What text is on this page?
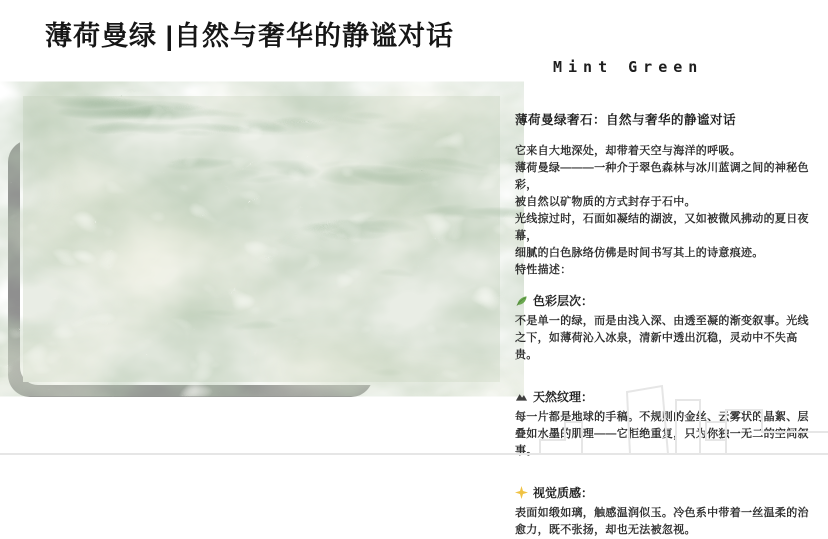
薄荷曼绿 |自然与奢华的静谧对话
Mint Green
薄荷曼绿奢石：自然与奢华的静谧对话
它来自大地深处，却带着天空与海洋的呼吸。
薄荷曼绿———一种介于翠色森林与冰川蓝调之间的神秘色彩，
被自然以矿物质的方式封存于石中。
光线掠过时，石面如凝结的湖波，又如被微风拂动的夏日夜幕，
细腻的白色脉络仿佛是时间书写其上的诗意痕迹。
特性描述：
色彩层次：
不是单一的绿，而是由浅入深、由透至凝的渐变叙事。光线之下，如薄荷沁入冰泉，清新中透出沉稳，灵动中不失高贵。
天然纹理：
每一片都是地球的手稿。不规则的金丝、云雾状的晶絮、层叠如水墨的肌理——它拒绝重复，只为你独一无二的空间叙事。
视觉质感：
表面如缎如璃，触感温润似玉。冷色系中带着一丝温柔的治愈力，既不张扬，却也无法被忽视。
